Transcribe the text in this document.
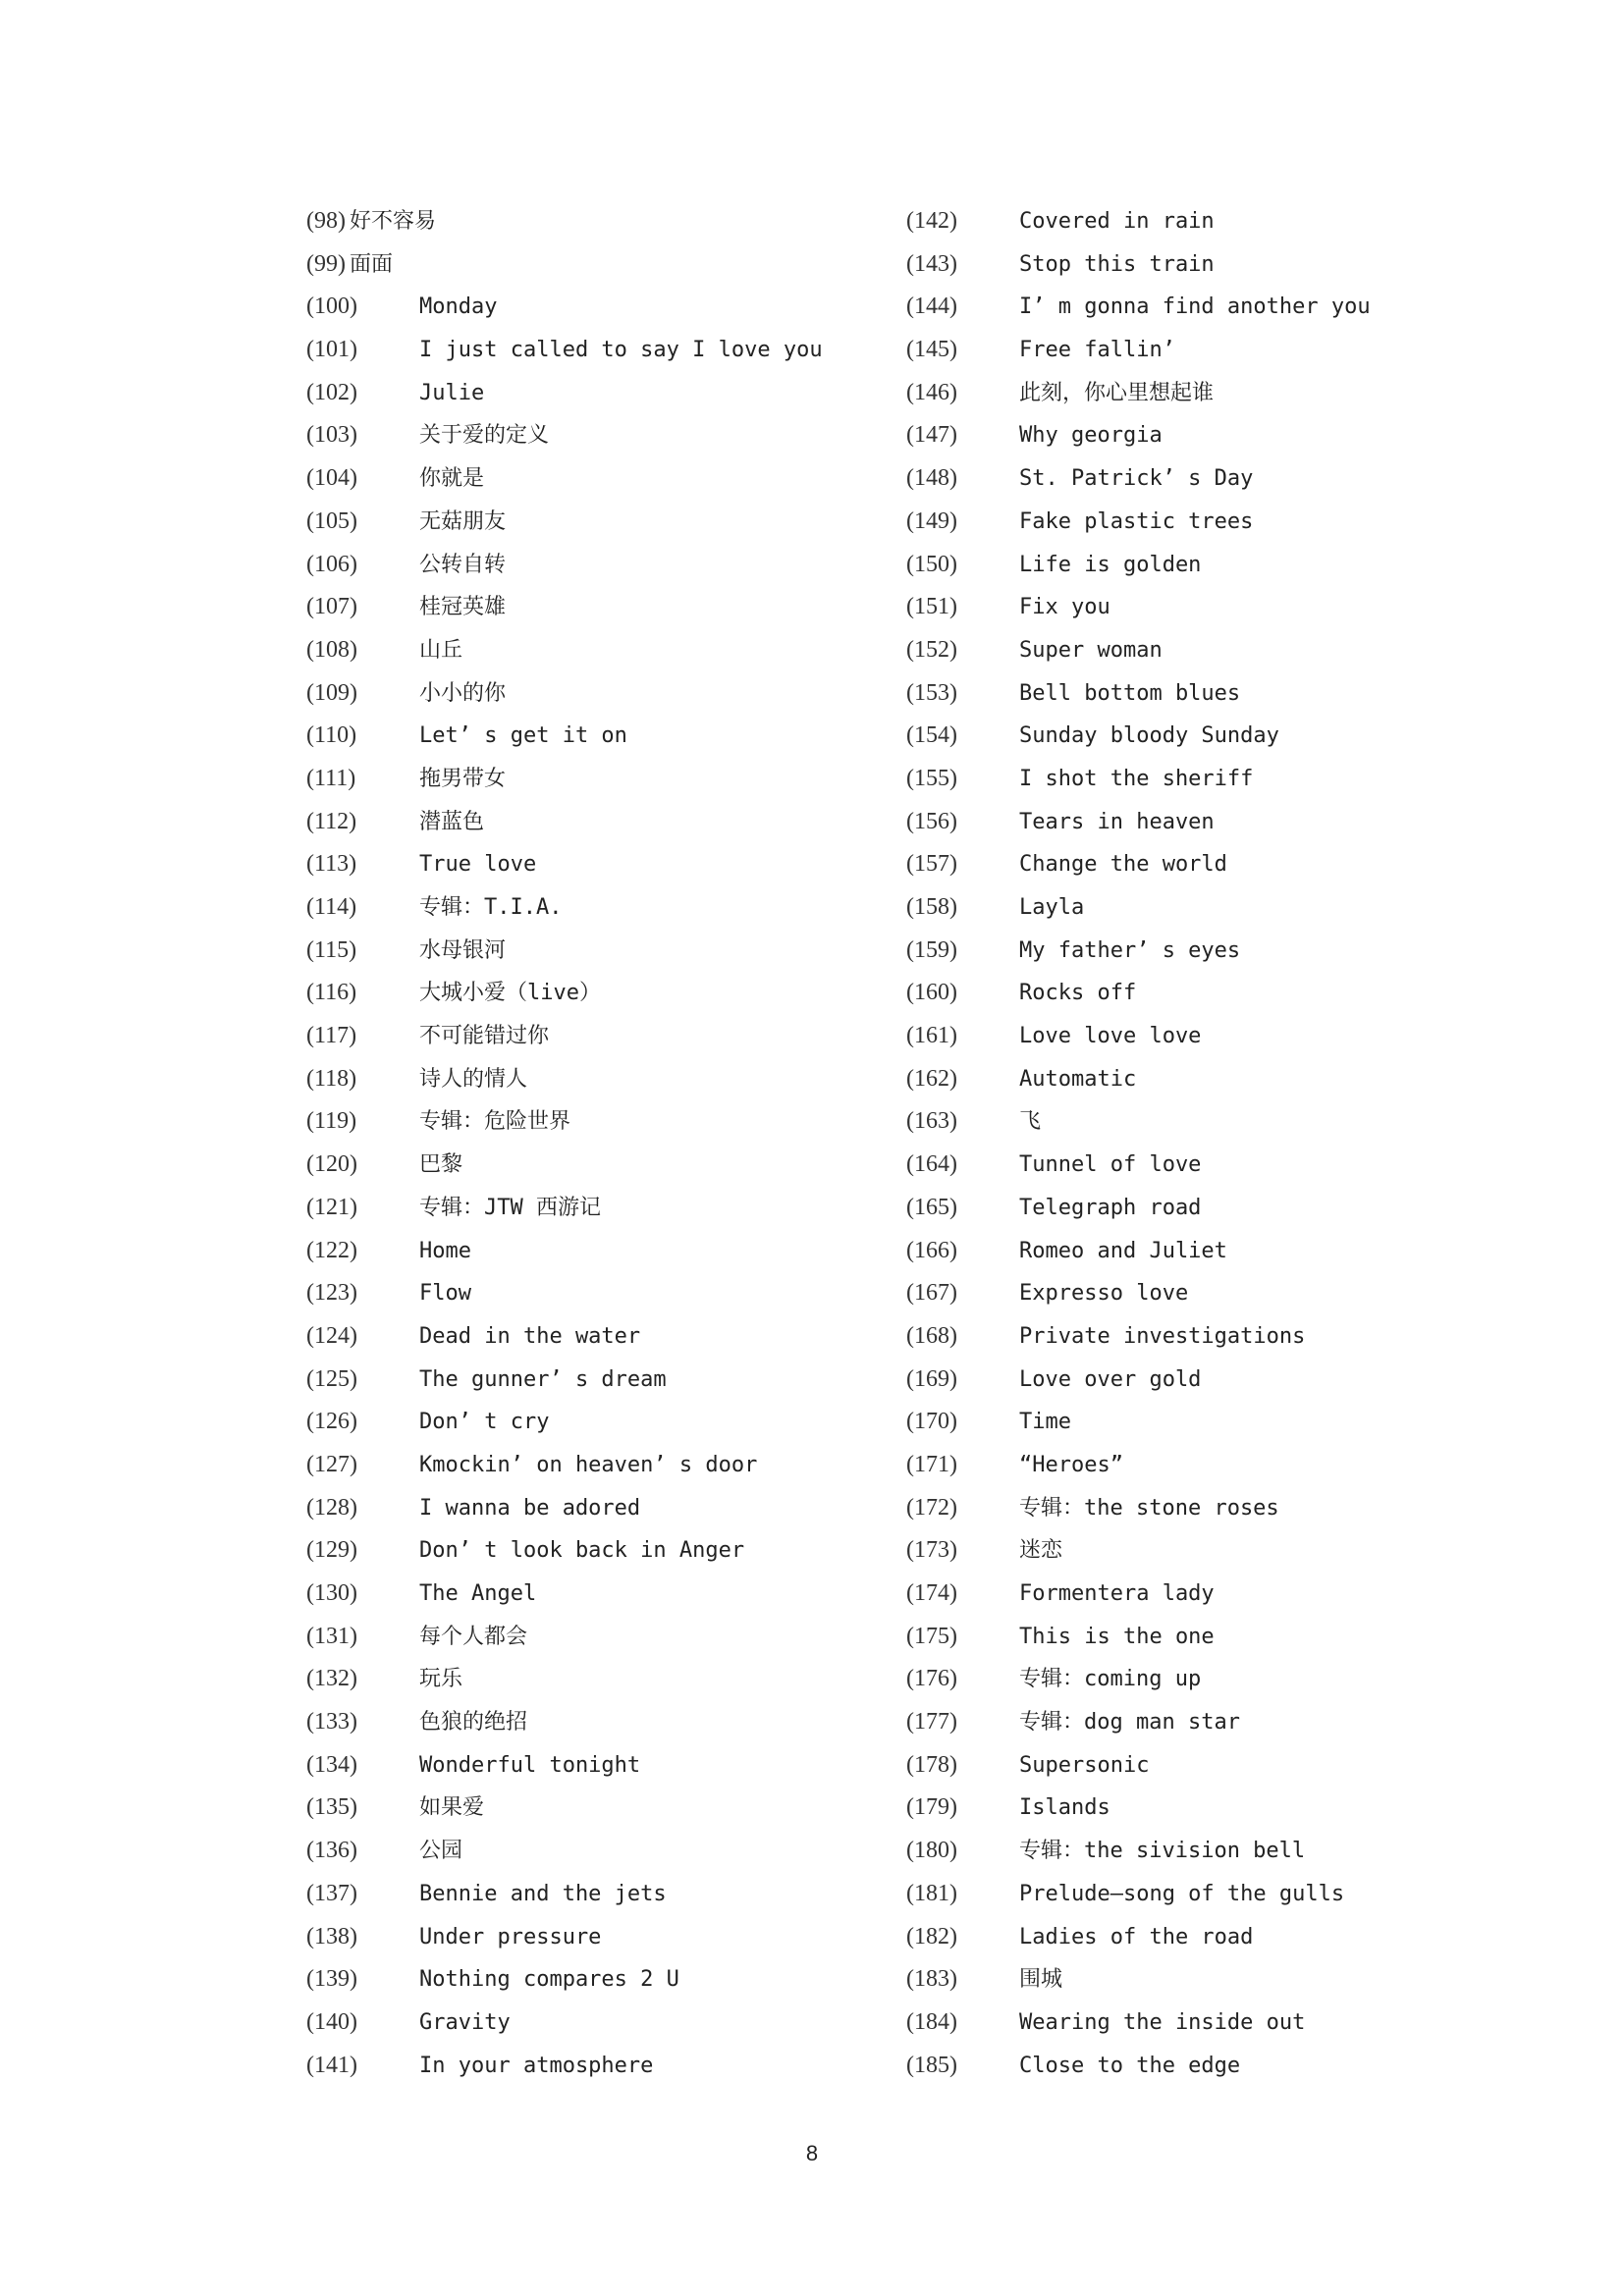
(98) 好不容易
(99) 面面
(100)	Monday
(101)	I just called to say I love you
(102)	Julie
(103)	关于爱的定义
(104)	你就是
(105)	无菇朋友
(106)	公转自转
(107)	桂冠英雄
(108)	山丘
(109)	小小的你
(110)	Let’ s get it on
(111)	拖男带女
(112)	潜蓝色
(113)	True love
(114)	专辑：T.I.A.
(115)	水母银河
(116)	大城小爱（live）
(117)	不可能错过你
(118)	诗人的情人
(119)	专辑：危险世界
(120)	巴黎
(121)	专辑：JTW 西游记
(122)	Home
(123)	Flow
(124)	Dead in the water
(125)	The gunner’ s dream
(126)	Don’ t cry
(127)	Kmockin’ on heaven’ s door
(128)	I wanna be adored
(129)	Don’ t look back in Anger
(130)	The Angel
(131)	每个人都会
(132)	玩乐
(133)	色狼的绝招
(134)	Wonderful tonight
(135)	如果爱
(136)	公园
(137)	Bennie and the jets
(138)	Under pressure
(139)	Nothing compares 2 U
(140)	Gravity
(141)	In your atmosphere
(142)	Covered in rain
(143)	Stop this train
(144)	I’ m gonna find another you
(145)	Free fallin’
(146)	此刻，你心里想起谁
(147)	Why georgia
(148)	St. Patrick’ s Day
(149)	Fake plastic trees
(150)	Life is golden
(151)	Fix you
(152)	Super woman
(153)	Bell bottom blues
(154)	Sunday bloody Sunday
(155)	I shot the sheriff
(156)	Tears in heaven
(157)	Change the world
(158)	Layla
(159)	My father’ s eyes
(160)	Rocks off
(161)	Love love love
(162)	Automatic
(163)	飞
(164)	Tunnel of love
(165)	Telegraph road
(166)	Romeo and Juliet
(167)	Expresso love
(168)	Private investigations
(169)	Love over gold
(170)	Time
(171)	“Heroes”
(172)	专辑：the stone roses
(173)	迷恋
(174)	Formentera lady
(175)	This is the one
(176)	专辑：coming up
(177)	专辑：dog man star
(178)	Supersonic
(179)	Islands
(180)	专辑：the sivision bell
(181)	Prelude—song of the gulls
(182)	Ladies of the road
(183)	围城
(184)	Wearing the inside out
(185)	Close to the edge
8
